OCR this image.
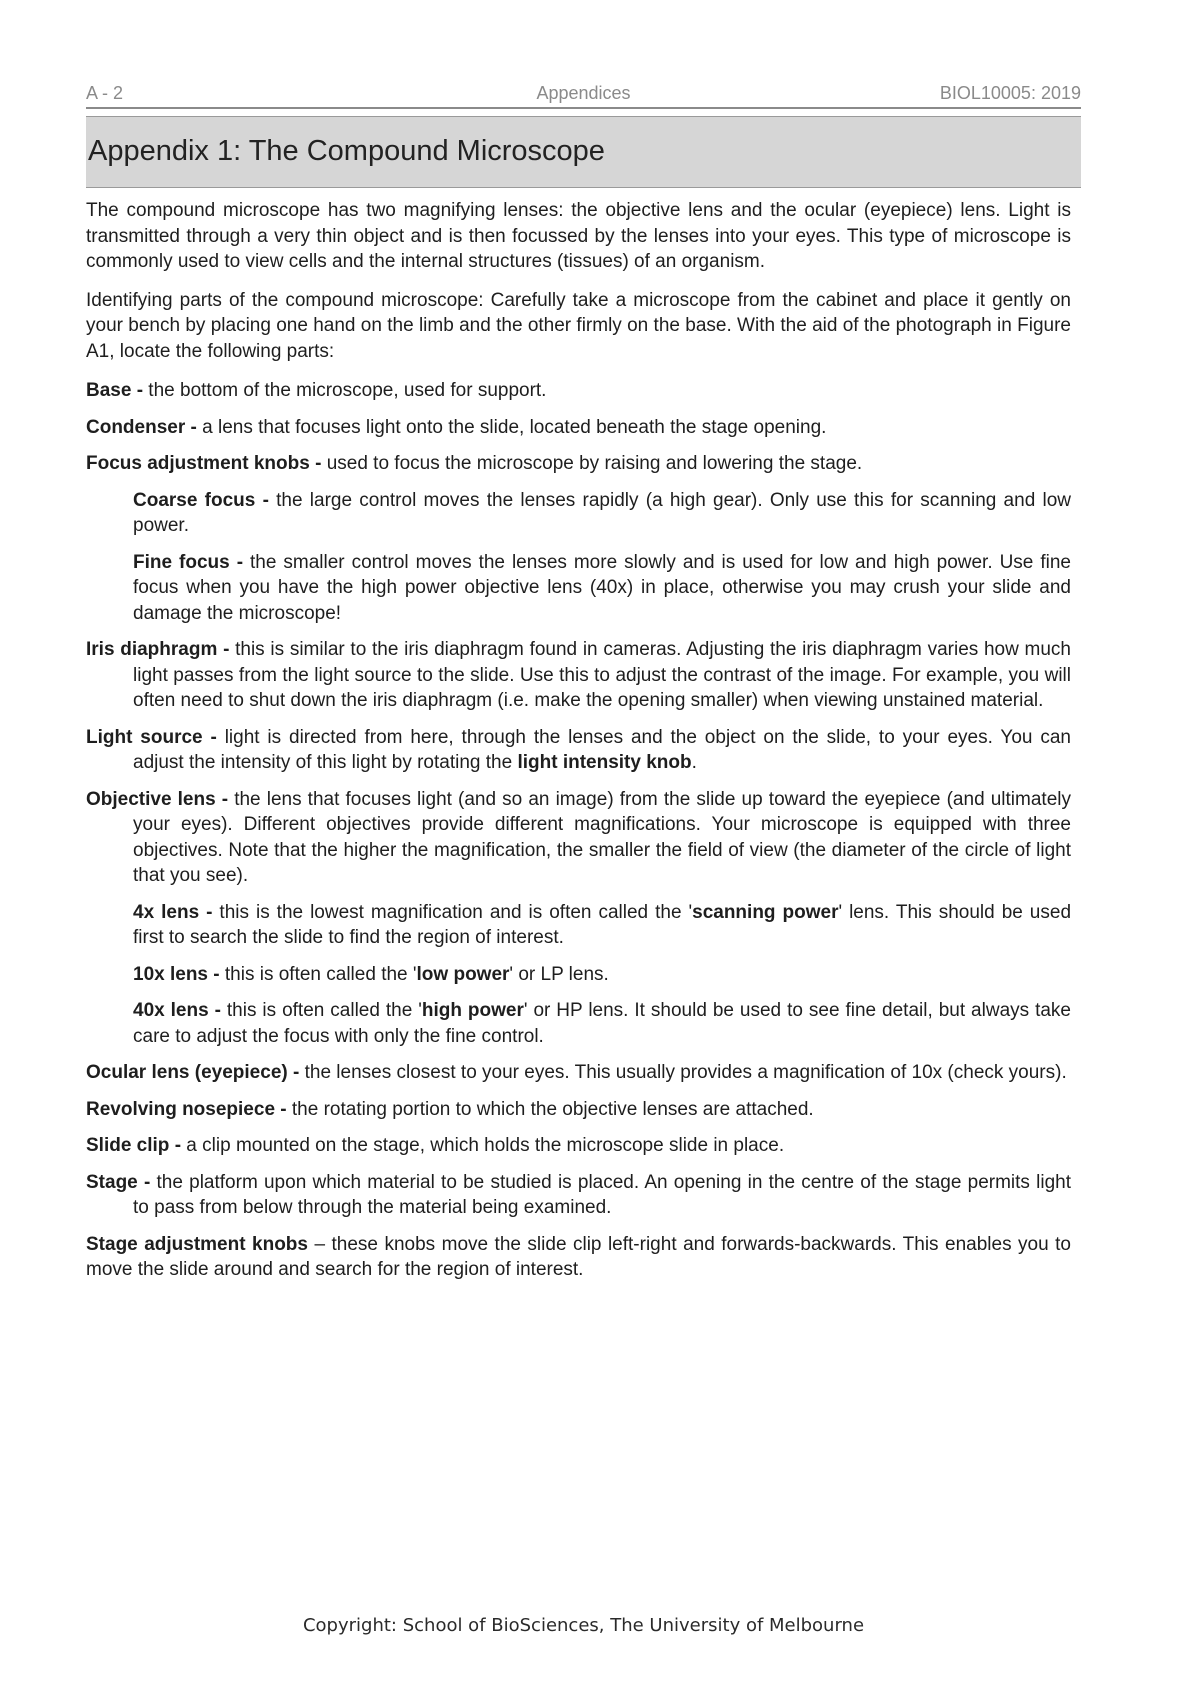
A - 2	Appendices	BIOL10005: 2019
Appendix 1: The Compound Microscope

The compound microscope has two magnifying lenses: the objective lens and the ocular (eyepiece) lens. Light is transmitted through a very thin object and is then focussed by the lenses into your eyes. This type of microscope is commonly used to view cells and the internal structures (tissues) of an organism.

Identifying parts of the compound microscope: Carefully take a microscope from the cabinet and place it gently on your bench by placing one hand on the limb and the other firmly on the base. With the aid of the photograph in Figure A1, locate the following parts:

Base - the bottom of the microscope, used for support.

Condenser - a lens that focuses light onto the slide, located beneath the stage opening.

Focus adjustment knobs - used to focus the microscope by raising and lowering the stage.

Coarse focus - the large control moves the lenses rapidly (a high gear). Only use this for scanning and low power.

Fine focus - the smaller control moves the lenses more slowly and is used for low and high power. Use fine focus when you have the high power objective lens (40x) in place, otherwise you may crush your slide and damage the microscope!

Iris diaphragm - this is similar to the iris diaphragm found in cameras. Adjusting the iris diaphragm varies how much light passes from the light source to the slide. Use this to adjust the contrast of the image. For example, you will often need to shut down the iris diaphragm (i.e. make the opening smaller) when viewing unstained material.

Light source - light is directed from here, through the lenses and the object on the slide, to your eyes. You can adjust the intensity of this light by rotating the light intensity knob.

Objective lens - the lens that focuses light (and so an image) from the slide up toward the eyepiece (and ultimately your eyes). Different objectives provide different magnifications. Your microscope is equipped with three objectives. Note that the higher the magnification, the smaller the field of view (the diameter of the circle of light that you see).

4x lens - this is the lowest magnification and is often called the 'scanning power' lens. This should be used first to search the slide to find the region of interest.

10x lens - this is often called the 'low power' or LP lens.

40x lens - this is often called the 'high power' or HP lens. It should be used to see fine detail, but always take care to adjust the focus with only the fine control.

Ocular lens (eyepiece) - the lenses closest to your eyes. This usually provides a magnification of 10x (check yours).

Revolving nosepiece - the rotating portion to which the objective lenses are attached.

Slide clip - a clip mounted on the stage, which holds the microscope slide in place.

Stage - the platform upon which material to be studied is placed. An opening in the centre of the stage permits light to pass from below through the material being examined.

Stage adjustment knobs – these knobs move the slide clip left-right and forwards-backwards. This enables you to move the slide around and search for the region of interest.

Copyright: School of BioSciences, The University of Melbourne
